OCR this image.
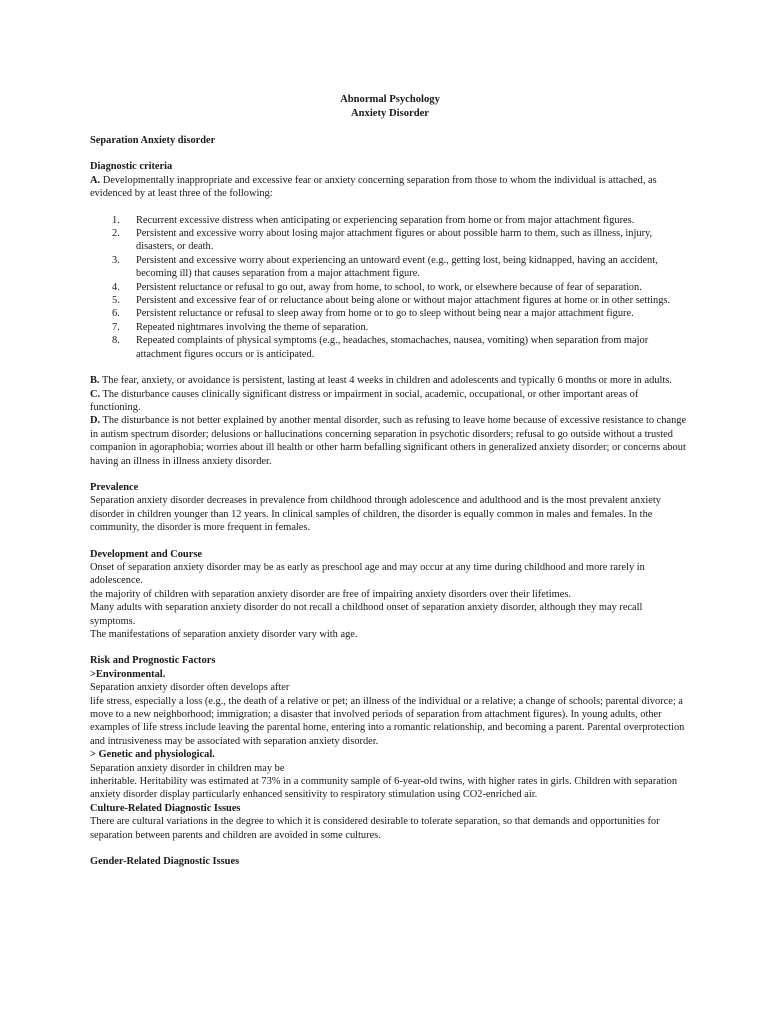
Abnormal Psychology
Anxiety Disorder

Separation Anxiety disorder

Diagnostic criteria

A. Developmentally inappropriate and excessive fear or anxiety concerning separation from those to whom the individual is attached, as evidenced by at least three of the following:

1. Recurrent excessive distress when anticipating or experiencing separation from home or from major attachment figures.
2. Persistent and excessive worry about losing major attachment figures or about possible harm to them, such as illness, injury, disasters, or death.
3. Persistent and excessive worry about experiencing an untoward event (e.g., getting lost, being kidnapped, having an accident, becoming ill) that causes separation from a major attachment figure.
4. Persistent reluctance or refusal to go out, away from home, to school, to work, or elsewhere because of fear of separation.
5. Persistent and excessive fear of or reluctance about being alone or without major attachment figures at home or in other settings.
6. Persistent reluctance or refusal to sleep away from home or to go to sleep without being near a major attachment figure.
7. Repeated nightmares involving the theme of separation.
8. Repeated complaints of physical symptoms (e.g., headaches, stomachaches, nausea, vomiting) when separation from major attachment figures occurs or is anticipated.

B. The fear, anxiety, or avoidance is persistent, lasting at least 4 weeks in children and adolescents and typically 6 months or more in adults.

C. The disturbance causes clinically significant distress or impairment in social, academic, occupational, or other important areas of functioning.

D. The disturbance is not better explained by another mental disorder, such as refusing to leave home because of excessive resistance to change in autism spectrum disorder; delusions or hallucinations concerning separation in psychotic disorders; refusal to go outside without a trusted companion in agoraphobia; worries about ill health or other harm befalling significant others in generalized anxiety disorder; or concerns about having an illness in illness anxiety disorder.

Prevalence

Separation anxiety disorder decreases in prevalence from childhood through adolescence and adulthood and is the most prevalent anxiety disorder in children younger than 12 years. In clinical samples of children, the disorder is equally common in males and females. In the community, the disorder is more frequent in females.

Development and Course

Onset of separation anxiety disorder may be as early as preschool age and may occur at any time during childhood and more rarely in adolescence.

the majority of children with separation anxiety disorder are free of impairing anxiety disorders over their lifetimes.

Many adults with separation anxiety disorder do not recall a childhood onset of separation anxiety disorder, although they may recall symptoms.

The manifestations of separation anxiety disorder vary with age.

Risk and Prognostic Factors

>Environmental.

Separation anxiety disorder often develops after

life stress, especially a loss (e.g., the death of a relative or pet; an illness of the individual or a relative; a change of schools; parental divorce; a move to a new neighborhood; immigration; a disaster that involved periods of separation from attachment figures). In young adults, other examples of life stress include leaving the parental home, entering into a romantic relationship, and becoming a parent. Parental overprotection and intrusiveness may be associated with separation anxiety disorder.

> Genetic and physiological.

Separation anxiety disorder in children may be

inheritable. Heritability was estimated at 73% in a community sample of 6-year-old twins, with higher rates in girls. Children with separation anxiety disorder display particularly enhanced sensitivity to respiratory stimulation using CO2-enriched air.

Culture-Related Diagnostic Issues

There are cultural variations in the degree to which it is considered desirable to tolerate separation, so that demands and opportunities for separation between parents and children are avoided in some cultures.

Gender-Related Diagnostic Issues
